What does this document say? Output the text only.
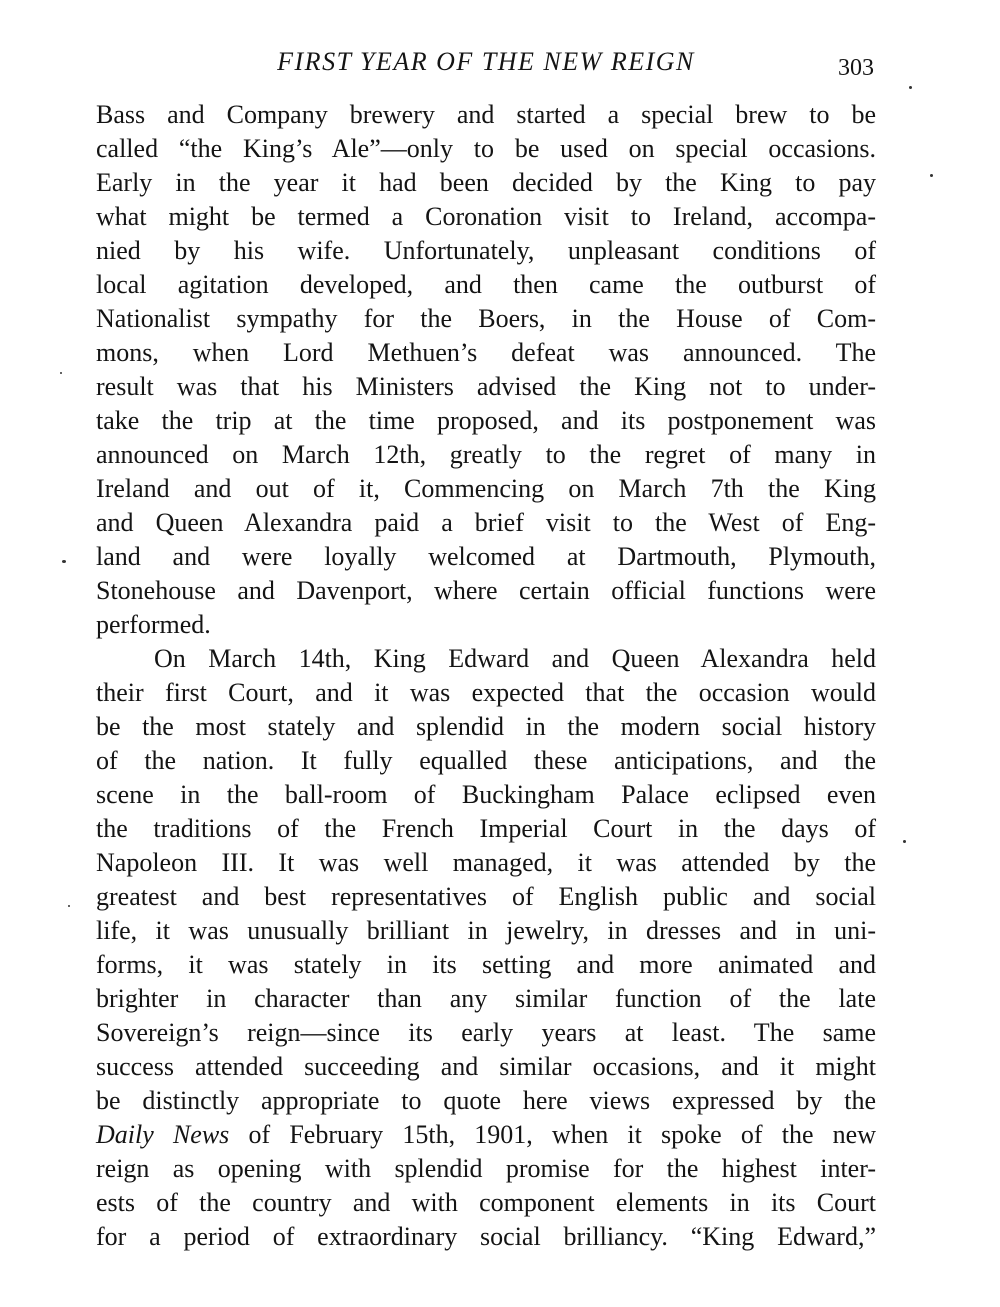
FIRST YEAR OF THE NEW REIGN	303
Bass and Company brewery and started a special brew to be
called “the King’s Ale”—only to be used on special occasions.
Early in the year it had been decided by the King to pay
what might be termed a Coronation visit to Ireland, accompa-
nied by his wife. Unfortunately, unpleasant conditions of
local agitation developed, and then came the outburst of
Nationalist sympathy for the Boers, in the House of Com-
mons, when Lord Methuen’s defeat was announced. The
result was that his Ministers advised the King not to under-
take the trip at the time proposed, and its postponement was
announced on March 12th, greatly to the regret of many in
Ireland and out of it, Commencing on March 7th the King
and Queen Alexandra paid a brief visit to the West of Eng-
land and were loyally welcomed at Dartmouth, Plymouth,
Stonehouse and Davenport, where certain official functions were
performed.
On March 14th, King Edward and Queen Alexandra held
their first Court, and it was expected that the occasion would
be the most stately and splendid in the modern social history
of the nation. It fully equalled these anticipations, and the
scene in the ball-room of Buckingham Palace eclipsed even
the traditions of the French Imperial Court in the days of
Napoleon III. It was well managed, it was attended by the
greatest and best representatives of English public and social
life, it was unusually brilliant in jewelry, in dresses and in uni-
forms, it was stately in its setting and more animated and
brighter in character than any similar function of the late
Sovereign’s reign—since its early years at least. The same
success attended succeeding and similar occasions, and it might
be distinctly appropriate to quote here views expressed by the
Daily News of February 15th, 1901, when it spoke of the new
reign as opening with splendid promise for the highest inter-
ests of the country and with component elements in its Court
for a period of extraordinary social brilliancy. “King Edward,”
